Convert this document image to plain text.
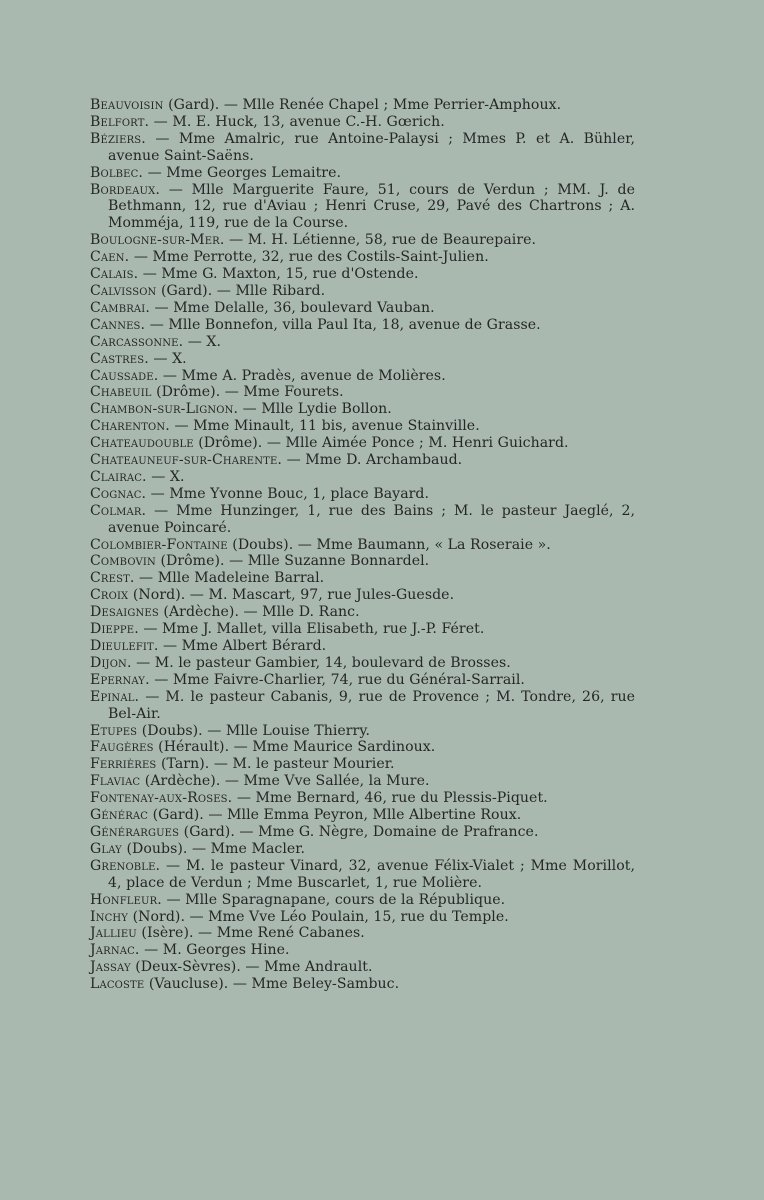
Beauvoisin (Gard). — Mlle Renée Chapel ; Mme Perrier-Amphoux.

Belfort. — M. E. Huck, 13, avenue C.-H. Gœrich.

Béziers. — Mme Amalric, rue Antoine-Palaysi ; Mmes P. et A. Bühler, avenue Saint-Saëns.

Bolbec. — Mme Georges Lemaitre.

Bordeaux. — Mlle Marguerite Faure, 51, cours de Verdun ; MM. J. de Bethmann, 12, rue d'Aviau ; Henri Cruse, 29, Pavé des Chartrons ; A. Momméja, 119, rue de la Course.

Boulogne-sur-Mer. — M. H. Létienne, 58, rue de Beaurepaire.

Caen. — Mme Perrotte, 32, rue des Costils-Saint-Julien.

Calais. — Mme G. Maxton, 15, rue d'Ostende.

Calvisson (Gard). — Mlle Ribard.

Cambrai. — Mme Delalle, 36, boulevard Vauban.

Cannes. — Mlle Bonnefon, villa Paul Ita, 18, avenue de Grasse.

Carcassonne. — X.

Castres. — X.

Caussade. — Mme A. Pradès, avenue de Molières.

Chabeuil (Drôme). — Mme Fourets.

Chambon-sur-Lignon. — Mlle Lydie Bollon.

Charenton. — Mme Minault, 11 bis, avenue Stainville.

Chateaudouble (Drôme). — Mlle Aimée Ponce ; M. Henri Guichard.

Chateauneuf-sur-Charente. — Mme D. Archambaud.

Clairac. — X.

Cognac. — Mme Yvonne Bouc, 1, place Bayard.

Colmar. — Mme Hunzinger, 1, rue des Bains ; M. le pasteur Jaeglé, 2, avenue Poincaré.

Colombier-Fontaine (Doubs). — Mme Baumann, « La Roseraie ».

Combovin (Drôme). — Mlle Suzanne Bonnardel.

Crest. — Mlle Madeleine Barral.

Croix (Nord). — M. Mascart, 97, rue Jules-Guesde.

Desaignes (Ardèche). — Mlle D. Ranc.

Dieppe. — Mme J. Mallet, villa Elisabeth, rue J.-P. Féret.

Dieulefit. — Mme Albert Bérard.

Dijon. — M. le pasteur Gambier, 14, boulevard de Brosses.

Epernay. — Mme Faivre-Charlier, 74, rue du Général-Sarrail.

Epinal. — M. le pasteur Cabanis, 9, rue de Provence ; M. Tondre, 26, rue Bel-Air.

Etupes (Doubs). — Mlle Louise Thierry.

Faugères (Hérault). — Mme Maurice Sardinoux.

Ferrières (Tarn). — M. le pasteur Mourier.

Flaviac (Ardèche). — Mme Vve Sallée, la Mure.

Fontenay-aux-Roses. — Mme Bernard, 46, rue du Plessis-Piquet.

Générac (Gard). — Mlle Emma Peyron, Mlle Albertine Roux.

Générargues (Gard). — Mme G. Nègre, Domaine de Prafrance.

Glay (Doubs). — Mme Macler.

Grenoble. — M. le pasteur Vinard, 32, avenue Félix-Vialet ; Mme Morillot, 4, place de Verdun ; Mme Buscarlet, 1, rue Molière.

Honfleur. — Mlle Sparagnapane, cours de la République.

Inchy (Nord). — Mme Vve Léo Poulain, 15, rue du Temple.

Jallieu (Isère). — Mme René Cabanes.

Jarnac. — M. Georges Hine.

Jassay (Deux-Sèvres). — Mme Andrault.

Lacoste (Vaucluse). — Mme Beley-Sambuc.
